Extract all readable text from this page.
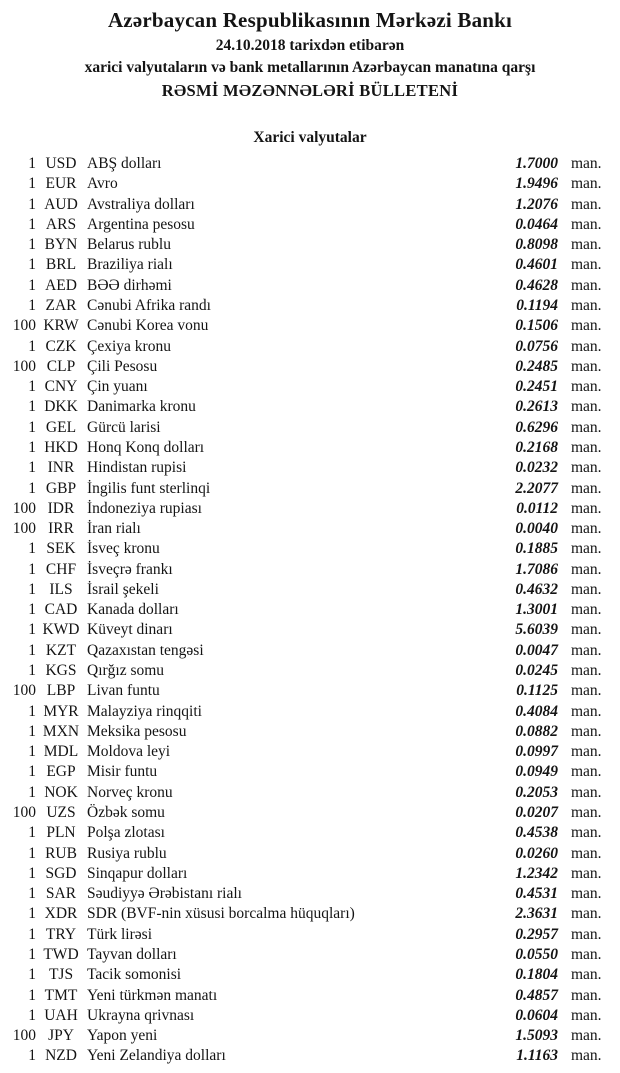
Azərbaycan Respublikasının Mərkəzi Bankı
24.10.2018 tarixdən etibarən
xarici valyutaların və bank metallarının Azərbaycan manatına qarşı
RƏSMİ MƏZƏNNƏLƏRİ BÜLLETENİ
Xarici valyutalar
1 USD ABŞ dolları	1.7000 man.
1 EUR Avro	1.9496 man.
1 AUD Avstraliya dolları	1.2076 man.
1 ARS Argentina pesosu	0.0464 man.
1 BYN Belarus rublu	0.8098 man.
1 BRL Braziliya rialı	0.4601 man.
1 AED BƏƏ dirhəmi	0.4628 man.
1 ZAR Cənubi Afrika randı	0.1194 man.
100 KRW Cənubi Korea vonu	0.1506 man.
1 CZK Çexiya kronu	0.0756 man.
100 CLP Çili Pesosu	0.2485 man.
1 CNY Çin yuanı	0.2451 man.
1 DKK Danimarka kronu	0.2613 man.
1 GEL Gürcü larisi	0.6296 man.
1 HKD Honq Konq dolları	0.2168 man.
1 INR Hindistan rupisi	0.0232 man.
1 GBP İngilis funt sterlinqi	2.2077 man.
100 IDR İndoneziya rupiası	0.0112 man.
100 IRR İran rialı	0.0040 man.
1 SEK İsveç kronu	0.1885 man.
1 CHF İsveçrə frankı	1.7086 man.
1 ILS İsrail şekeli	0.4632 man.
1 CAD Kanada dolları	1.3001 man.
1 KWD Küveyt dinarı	5.6039 man.
1 KZT Qazaxıstan tengəsi	0.0047 man.
1 KGS Qırğız somu	0.0245 man.
100 LBP Livan funtu	0.1125 man.
1 MYR Malayziya rinqqiti	0.4084 man.
1 MXN Meksika pesosu	0.0882 man.
1 MDL Moldova leyi	0.0997 man.
1 EGP Misir funtu	0.0949 man.
1 NOK Norveç kronu	0.2053 man.
100 UZS Özbək somu	0.0207 man.
1 PLN Polşa zlotası	0.4538 man.
1 RUB Rusiya rublu	0.0260 man.
1 SGD Sinqapur dolları	1.2342 man.
1 SAR Səudiyyə Ərəbistanı rialı	0.4531 man.
1 XDR SDR (BVF-nin xüsusi borcalma hüquqları)	2.3631 man.
1 TRY Türk lirəsi	0.2957 man.
1 TWD Tayvan dolları	0.0550 man.
1 TJS Tacik somonisi	0.1804 man.
1 TMT Yeni türkmən manatı	0.4857 man.
1 UAH Ukrayna qrivnası	0.0604 man.
100 JPY Yapon yeni	1.5093 man.
1 NZD Yeni Zelandiya dolları	1.1163 man.
